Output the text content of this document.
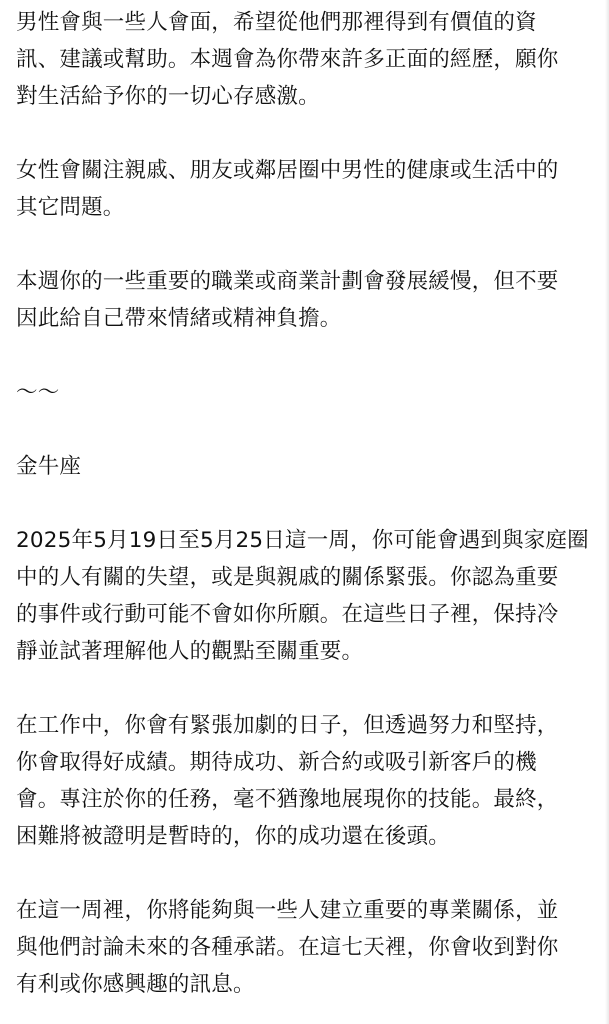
男性會與一些人會面，希望從他們那裡得到有價值的資
訊、建議或幫助。本週會為你帶來許多正面的經歷，願你
對生活給予你的一切心存感激。

女性會關注親戚、朋友或鄰居圈中男性的健康或生活中的
其它問題。

本週你的一些重要的職業或商業計劃會發展緩慢，但不要
因此給自己帶來情緒或精神負擔。

～～

金牛座

2025年5月19日至5月25日這一周，你可能會遇到與家庭圈
中的人有關的失望，或是與親戚的關係緊張。你認為重要
的事件或行動可能不會如你所願。在這些日子裡，保持冷
靜並試著理解他人的觀點至關重要。

在工作中，你會有緊張加劇的日子，但透過努力和堅持，
你會取得好成績。期待成功、新合約或吸引新客戶的機
會。專注於你的任務，毫不猶豫地展現你的技能。最終，
困難將被證明是暫時的，你的成功還在後頭。

在這一周裡，你將能夠與一些人建立重要的專業關係，並
與他們討論未來的各種承諾。在這七天裡，你會收到對你
有利或你感興趣的訊息。
